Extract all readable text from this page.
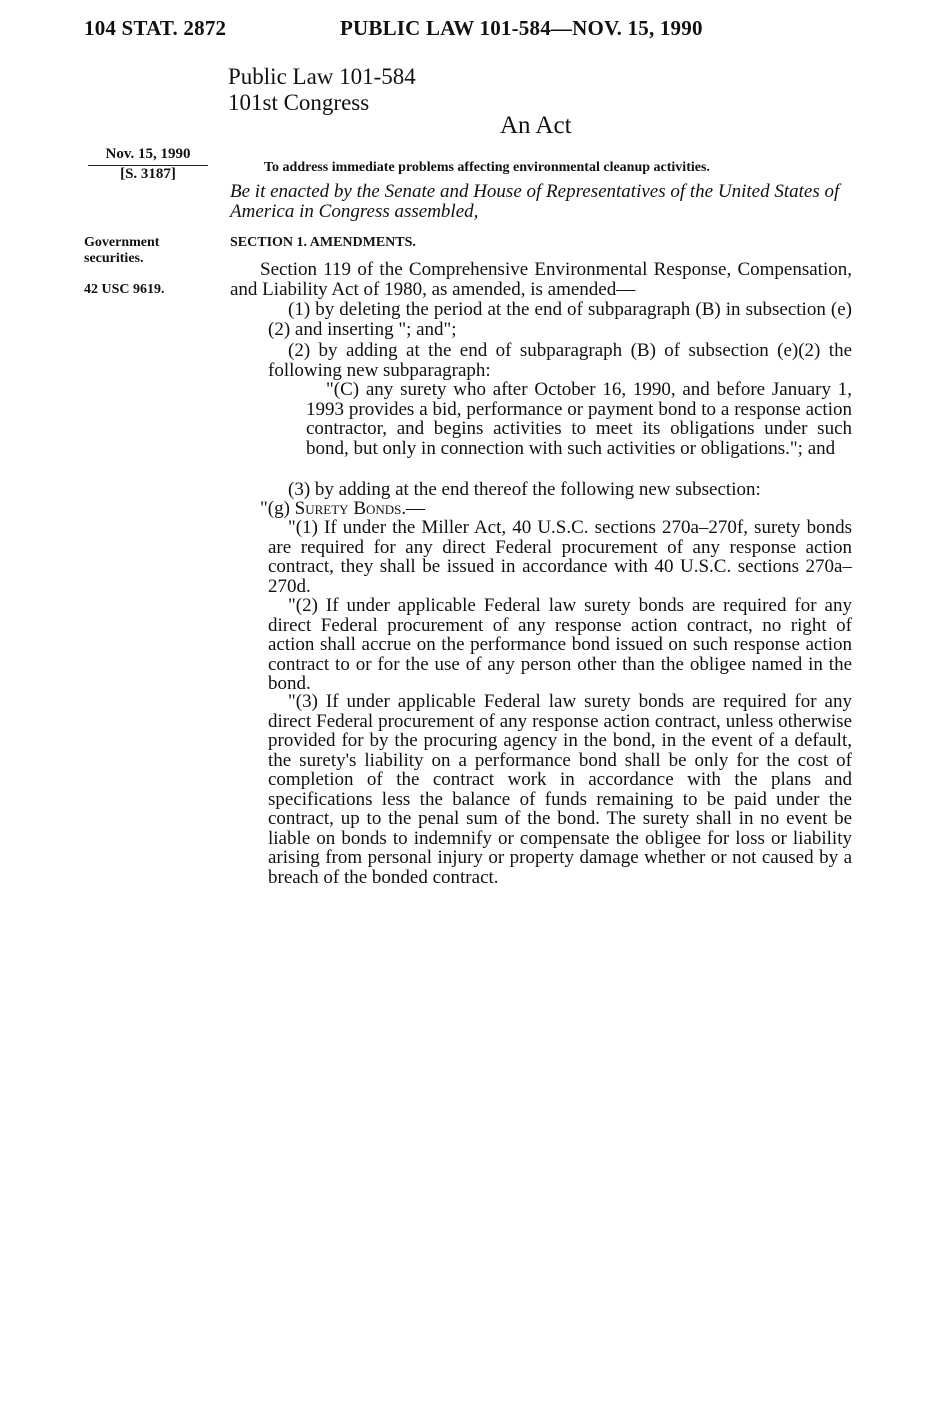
104 STAT. 2872	PUBLIC LAW 101-584—NOV. 15, 1990
Public Law 101-584
101st Congress
An Act
Nov. 15, 1990
[S. 3187]
Government securities.
42 USC 9619.
To address immediate problems affecting environmental cleanup activities.
Be it enacted by the Senate and House of Representatives of the United States of America in Congress assembled,
SECTION 1. AMENDMENTS.
Section 119 of the Comprehensive Environmental Response, Compensation, and Liability Act of 1980, as amended, is amended—
(1) by deleting the period at the end of subparagraph (B) in subsection (e)(2) and inserting "; and";
(2) by adding at the end of subparagraph (B) of subsection (e)(2) the following new subparagraph:
"(C) any surety who after October 16, 1990, and before January 1, 1993 provides a bid, performance or payment bond to a response action contractor, and begins activities to meet its obligations under such bond, but only in connection with such activities or obligations."; and
(3) by adding at the end thereof the following new subsection:
"(g) Surety Bonds.—
"(1) If under the Miller Act, 40 U.S.C. sections 270a–270f, surety bonds are required for any direct Federal procurement of any response action contract, they shall be issued in accordance with 40 U.S.C. sections 270a–270d.
"(2) If under applicable Federal law surety bonds are required for any direct Federal procurement of any response action contract, no right of action shall accrue on the performance bond issued on such response action contract to or for the use of any person other than the obligee named in the bond.
"(3) If under applicable Federal law surety bonds are required for any direct Federal procurement of any response action contract, unless otherwise provided for by the procuring agency in the bond, in the event of a default, the surety's liability on a performance bond shall be only for the cost of completion of the contract work in accordance with the plans and specifications less the balance of funds remaining to be paid under the contract, up to the penal sum of the bond. The surety shall in no event be liable on bonds to indemnify or compensate the obligee for loss or liability arising from personal injury or property damage whether or not caused by a breach of the bonded contract.
